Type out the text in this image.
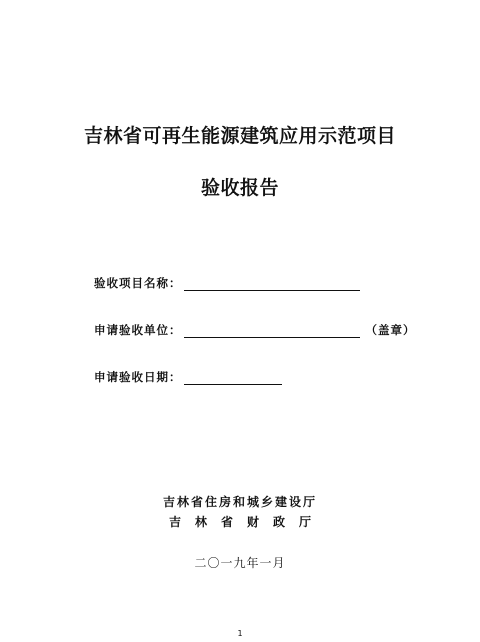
吉林省可再生能源建筑应用示范项目
验收报告
验收项目名称：
申请验收单位：	（盖章）
申请验收日期：
吉林省住房和城乡建设厅
吉林省财政厅
二〇一九年一月
1
